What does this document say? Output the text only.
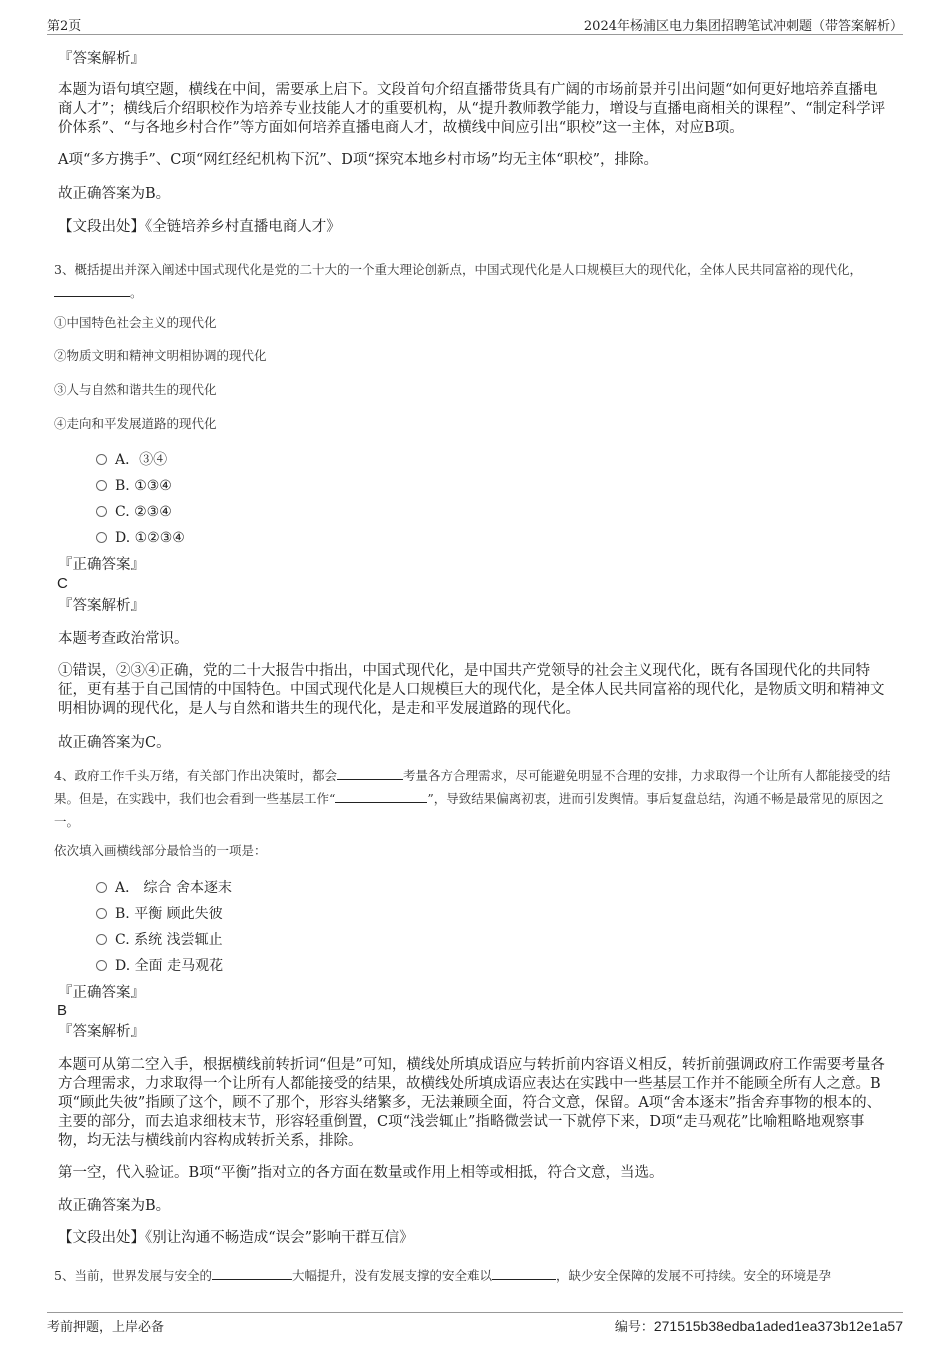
第2页	2024年杨浦区电力集团招聘笔试冲刺题（带答案解析）
『答案解析』
本题为语句填空题，横线在中间，需要承上启下。文段首句介绍直播带货具有广阔的市场前景并引出问题“如何更好地培养直播电商人才”；横线后介绍职校作为培养专业技能人才的重要机构，从“提升教师教学能力，增设与直播电商相关的课程”、“制定科学评价体系”、“与各地乡村合作”等方面如何培养直播电商人才，故横线中间应引出“职校”这一主体，对应B项。
A项“多方携手”、C项“网红经纪机构下沉”、D项“探究本地乡村市场”均无主体“职校”，排除。
故正确答案为B。
【文段出处】《全链培养乡村直播电商人才》
3、概括提出并深入阐述中国式现代化是党的二十大的一个重大理论创新点，中国式现代化是人口规模巨大的现代化，全体人民共同富裕的现代化，。
①中国特色社会主义的现代化
②物质文明和精神文明相协调的现代化
③人与自然和谐共生的现代化
④走向和平发展道路的现代化
A．③④
B. ①③④
C. ②③④
D. ①②③④
『正确答案』
C
『答案解析』
本题考查政治常识。
①错误，②③④正确，党的二十大报告中指出，中国式现代化，是中国共产党领导的社会主义现代化，既有各国现代化的共同特征，更有基于自己国情的中国特色。中国式现代化是人口规模巨大的现代化，是全体人民共同富裕的现代化，是物质文明和精神文明相协调的现代化，是人与自然和谐共生的现代化，是走和平发展道路的现代化。
故正确答案为C。
4、政府工作千头万绪，有关部门作出决策时，都会	考量各方合理需求，尽可能避免明显不合理的安排，力求取得一个让所有人都能接受的结果。但是，在实践中，我们也会看到一些基层工作“	”，导致结果偏离初衷，进而引发舆情。事后复盘总结，沟通不畅是最常见的原因之一。
依次填入画横线部分最恰当的一项是：
A． 综合 舍本逐末
B. 平衡 顾此失彼
C. 系统 浅尝辄止
D. 全面 走马观花
『正确答案』
B
『答案解析』
本题可从第二空入手，根据横线前转折词“但是”可知，横线处所填成语应与转折前内容语义相反，转折前强调政府工作需要考量各方合理需求，力求取得一个让所有人都能接受的结果，故横线处所填成语应表达在实践中一些基层工作并不能顾全所有人之意。B项“顾此失彼”指顾了这个，顾不了那个，形容头绪繁多，无法兼顾全面，符合文意，保留。A项“舍本逐末”指舍弃事物的根本的、主要的部分，而去追求细枝末节，形容轻重倒置，C项“浅尝辄止”指略微尝试一下就停下来，D项“走马观花”比喻粗略地观察事物，均无法与横线前内容构成转折关系，排除。
第一空，代入验证。B项“平衡”指对立的各方面在数量或作用上相等或相抵，符合文意，当选。
故正确答案为B。
【文段出处】《别让沟通不畅造成“误会”影响干群互信》
5、当前，世界发展与安全的	大幅提升，没有发展支撑的安全难以	，缺少安全保障的发展不可持续。安全的环境是孕
考前押题，上岸必备	编号：271515b38edba1aded1ea373b12e1a57
